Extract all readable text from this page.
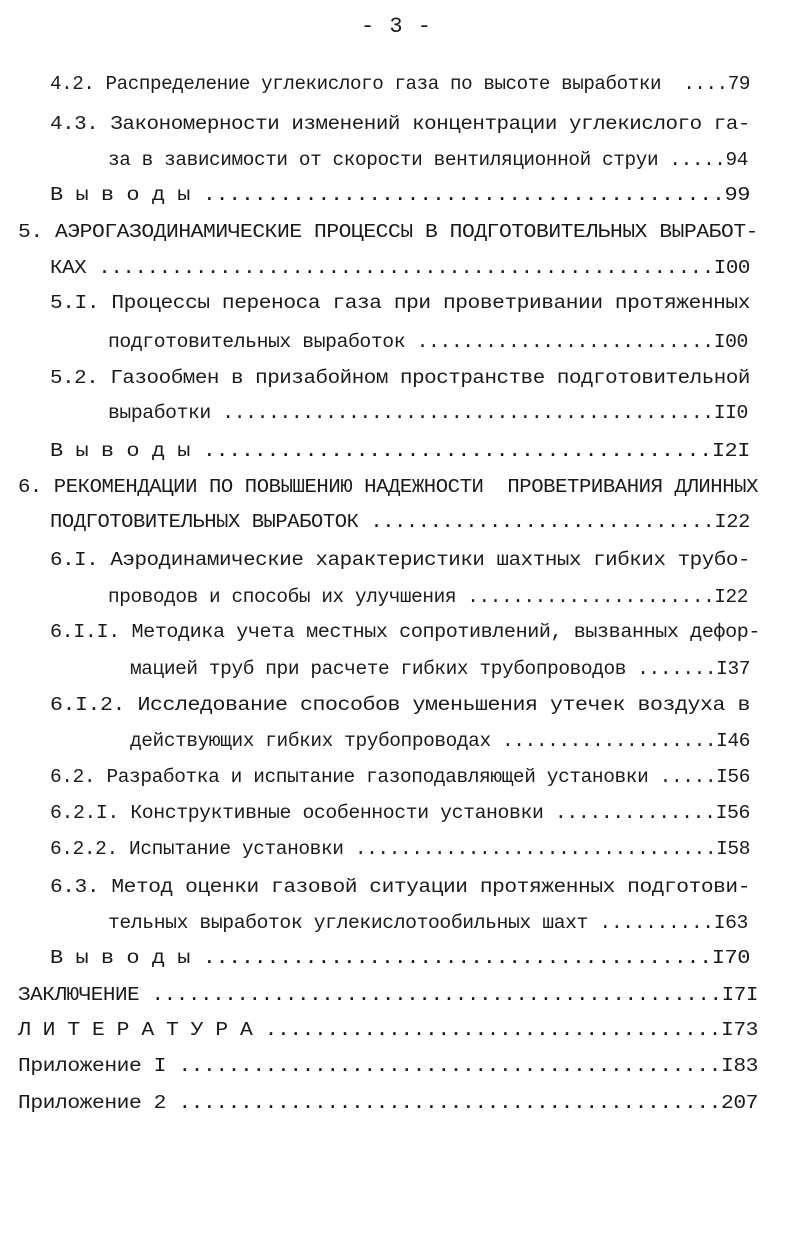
- 3 -
4.2. Распределение углекислого газа по высоте выработки  ....79
4.3. Закономерности изменений концентрации углекислого га-
за в зависимости от скорости вентиляционной струи .....94
В ы в о д ы .........................................99
5. АЭРОГАЗОДИНАМИЧЕСКИЕ ПРОЦЕССЫ В ПОДГОТОВИТЕЛЬНЫХ ВЫРАБОТ-
КАХ ...................................................I00
5.I. Процессы переноса газа при проветривании протяженных
подготовительных выработок ..........................I00
5.2. Газообмен в призабойном пространстве подготовительной
выработки ...........................................II0
В ы в о д ы ........................................I2I
6. РЕКОМЕНДАЦИИ ПО ПОВЫШЕНИЮ НАДЕЖНОСТИ  ПРОВЕТРИВАНИЯ ДЛИННЫХ
ПОДГОТОВИТЕЛЬНЫХ ВЫРАБОТОК .............................I22
6.I. Аэродинамические характеристики шахтных гибких трубо-
проводов и способы их улучшения ......................I22
6.I.I. Методика учета местных сопротивлений, вызванных дефор-
мацией труб при расчете гибких трубопроводов .......I37
6.I.2. Исследование способов уменьшения утечек воздуха в
действующих гибких трубопроводах ...................I46
6.2. Разработка и испытание газоподавляющей установки .....I56
6.2.I. Конструктивные особенности установки ..............I56
6.2.2. Испытание установки ................................I58
6.3. Метод оценки газовой ситуации протяженных подготови-
тельных выработок углекислотообильных шахт ..........I63
В ы в о д ы ........................................I70
ЗАКЛЮЧЕНИЕ ...............................................I7I
Л И Т Е Р А Т У Р А .....................................I73
Приложение I ............................................I83
Приложение 2 ............................................207
